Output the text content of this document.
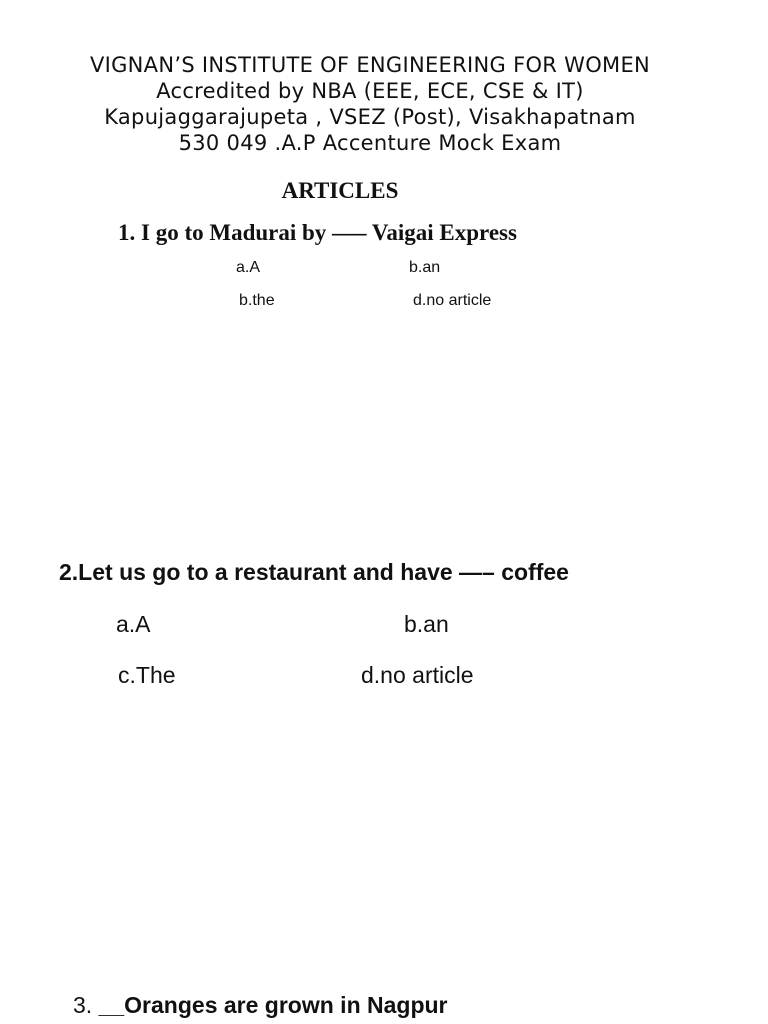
VIGNAN’S INSTITUTE OF ENGINEERING FOR WOMEN
Accredited by NBA (EEE, ECE, CSE & IT)
Kapujaggarajupeta , VSEZ (Post), Visakhapatnam
530 049 .A.P Accenture Mock Exam
ARTICLES
1. I go to Madurai by —– Vaigai Express
a.A	b.an
b.the	d.no article
2.Let us go to a restaurant and have —– coffee
a.A	b.an
c.The	d.no article
3. __Oranges are grown in Nagpur
